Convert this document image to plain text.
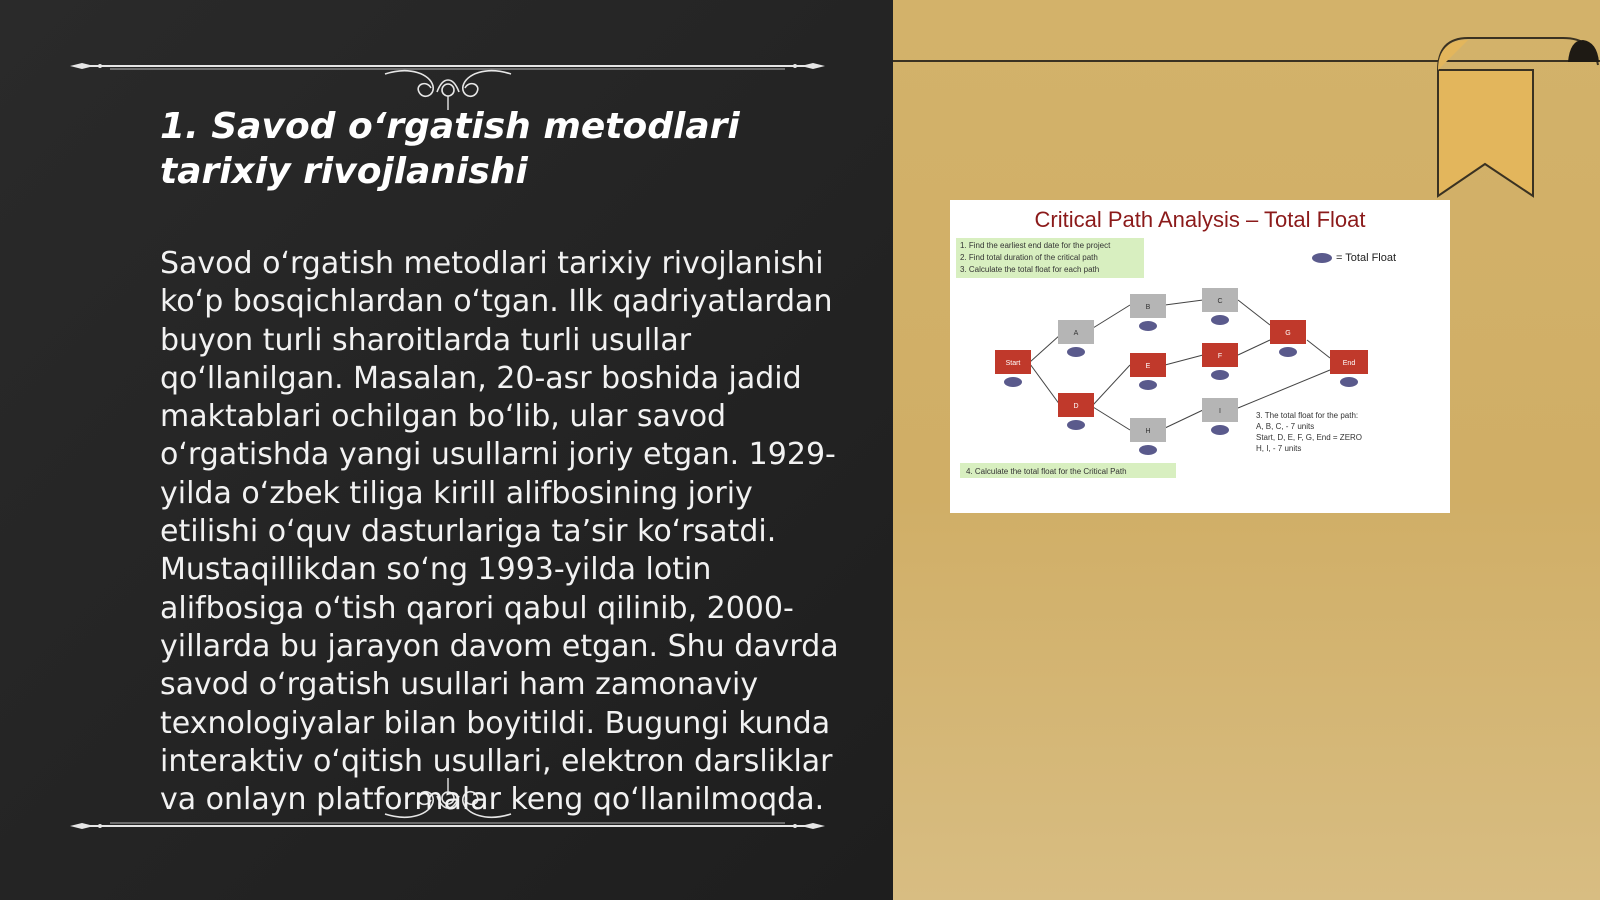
1. Savod o‘rgatish metodlari tarixiy rivojlanishi

Savod o‘rgatish metodlari tarixiy rivojlanishi ko‘p bosqichlardan o‘tgan. Ilk qadriyatlardan buyon turli sharoitlarda turli usullar qo‘llanilgan. Masalan, 20-asr boshida jadid maktablari ochilgan bo‘lib, ular savod o‘rgatishda yangi usullarni joriy etgan. 1929-yilda o‘zbek tiliga kirill alifbosining joriy etilishi o‘quv dasturlariga ta’sir ko‘rsatdi. Mustaqillikdan so‘ng 1993-yilda lotin alifbosiga o‘tish qarori qabul qilinib, 2000-yillarda bu jarayon davom etgan. Shu davrda savod o‘rgatish usullari ham zamonaviy texnologiyalar bilan boyitildi. Bugungi kunda interaktiv o‘qitish usullari, elektron darsliklar va onlayn platformalar keng qo‘llanilmoqda.

Critical Path Analysis – Total Float
1. Find the earliest end date for the project
2. Find total duration of the critical path
3. Calculate the total float for each path
= Total Float
Start
A
B
C
D
E
F
G
H
I
End
3. The total float for the path:
A, B, C, - 7 units
Start, D, E, F, G, End = ZERO
H, I, - 7 units
4. Calculate the total float for the Critical Path
